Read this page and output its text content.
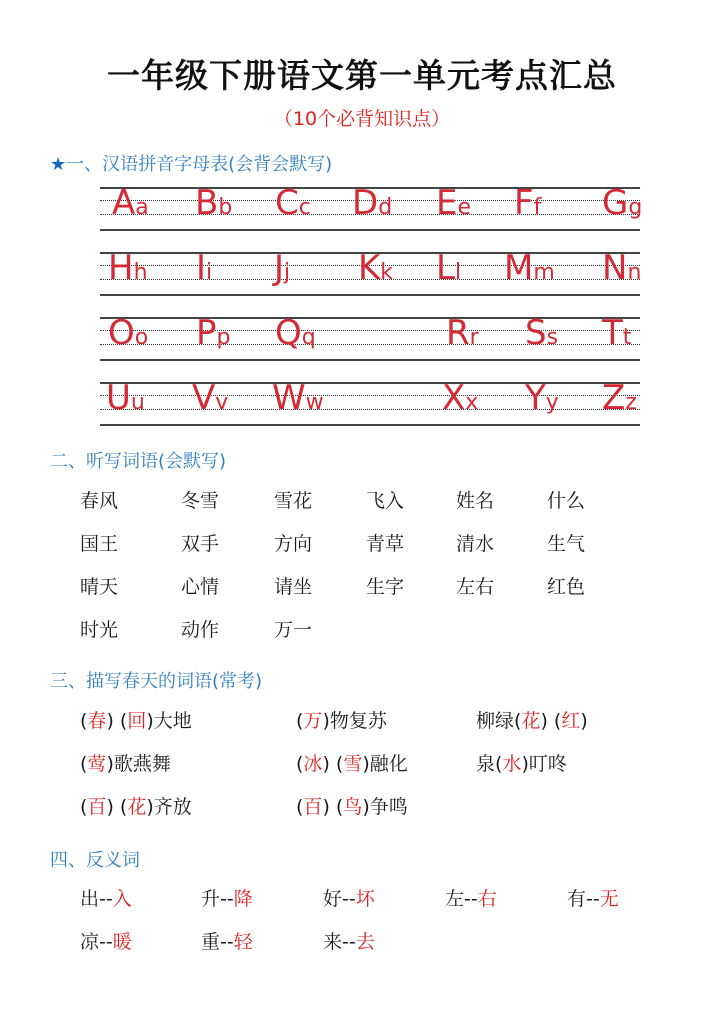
一年级下册语文第一单元考点汇总
（10个必背知识点）
★一、汉语拼音字母表(会背会默写)
Aa Bb Cc Dd Ee Ff Gg
Hh Ii Jj Kk Ll Mm Nn
Oo Pp Qq	Rr Ss Tt
Uu Vv Ww	Xx Yy Zz
二、听写词语(会默写)
春风	冬雪	雪花	飞入	姓名	什么
国王	双手	方向	青草	清水	生气
晴天	心情	请坐	生字	左右	红色
时光	动作	万一
三、描写春天的词语(常考)
(春) (回)大地	(万)物复苏	柳绿(花) (红)
(莺)歌燕舞	(冰) (雪)融化	泉(水)叮咚
(百) (花)齐放	(百) (鸟)争鸣
四、反义词
出--入	升--降	好--坏	左--右	有--无
凉--暖	重--轻	来--去
